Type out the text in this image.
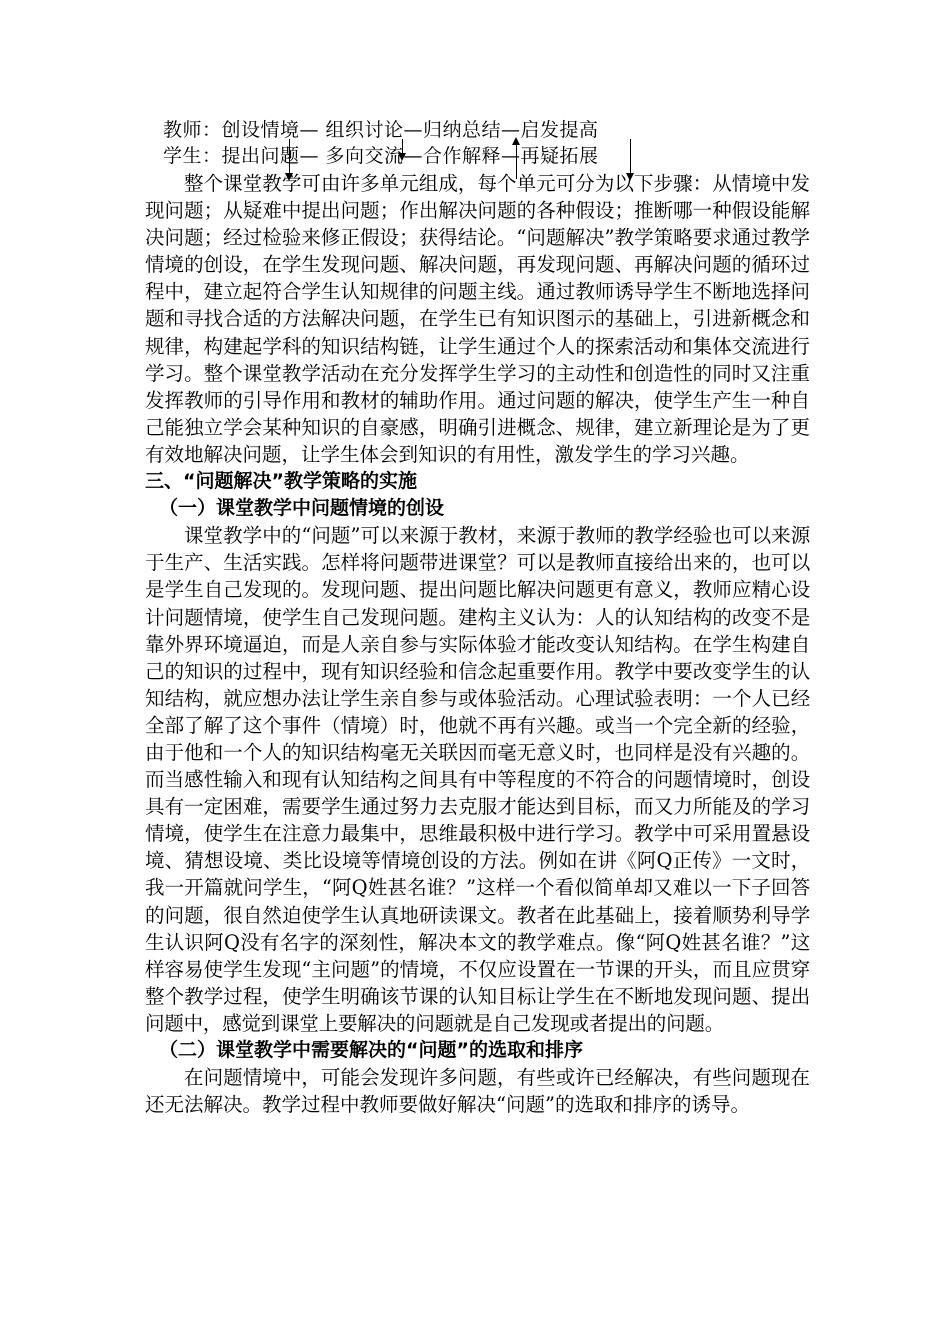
教师：创设情境— 组织讨论—归纳总结—启发提高
学生：提出问题— 多向交流—合作解释—再疑拓展

整个课堂教学可由许多单元组成，每个单元可分为以下步骤：从情境中发现问题；从疑难中提出问题；作出解决问题的各种假设；推断哪一种假设能解决问题；经过检验来修正假设；获得结论。“问题解决”教学策略要求通过教学情境的创设，在学生发现问题、解决问题，再发现问题、再解决问题的循环过程中，建立起符合学生认知规律的问题主线。通过教师诱导学生不断地选择问题和寻找合适的方法解决问题，在学生已有知识图示的基础上，引进新概念和规律，构建起学科的知识结构链，让学生通过个人的探索活动和集体交流进行学习。整个课堂教学活动在充分发挥学生学习的主动性和创造性的同时又注重发挥教师的引导作用和教材的辅助作用。通过问题的解决，使学生产生一种自己能独立学会某种知识的自豪感，明确引进概念、规律，建立新理论是为了更有效地解决问题，让学生体会到知识的有用性，激发学生的学习兴趣。

三、“问题解决”教学策略的实施

（一）课堂教学中问题情境的创设

课堂教学中的“问题”可以来源于教材，来源于教师的教学经验也可以来源于生产、生活实践。怎样将问题带进课堂？可以是教师直接给出来的，也可以是学生自己发现的。发现问题、提出问题比解决问题更有意义，教师应精心设计问题情境，使学生自己发现问题。建构主义认为：人的认知结构的改变不是靠外界环境逼迫，而是人亲自参与实际体验才能改变认知结构。在学生构建自己的知识的过程中，现有知识经验和信念起重要作用。教学中要改变学生的认知结构，就应想办法让学生亲自参与或体验活动。心理试验表明：一个人已经全部了解了这个事件（情境）时，他就不再有兴趣。或当一个完全新的经验，由于他和一个人的知识结构毫无关联因而毫无意义时，也同样是没有兴趣的。而当感性输入和现有认知结构之间具有中等程度的不符合的问题情境时，创设具有一定困难，需要学生通过努力去克服才能达到目标，而又力所能及的学习情境，使学生在注意力最集中，思维最积极中进行学习。教学中可采用置悬设境、猜想设境、类比设境等情境创设的方法。例如在讲《阿Q正传》一文时，我一开篇就问学生，“阿Q姓甚名谁？”这样一个看似简单却又难以一下子回答的问题，很自然迫使学生认真地研读课文。教者在此基础上，接着顺势利导学生认识阿Q没有名字的深刻性，解决本文的教学难点。像“阿Q姓甚名谁？”这样容易使学生发现“主问题”的情境，不仅应设置在一节课的开头，而且应贯穿整个教学过程，使学生明确该节课的认知目标让学生在不断地发现问题、提出问题中，感觉到课堂上要解决的问题就是自己发现或者提出的问题。

（二）课堂教学中需要解决的“问题”的选取和排序

在问题情境中，可能会发现许多问题，有些或许已经解决，有些问题现在还无法解决。教学过程中教师要做好解决“问题”的选取和排序的诱导。
